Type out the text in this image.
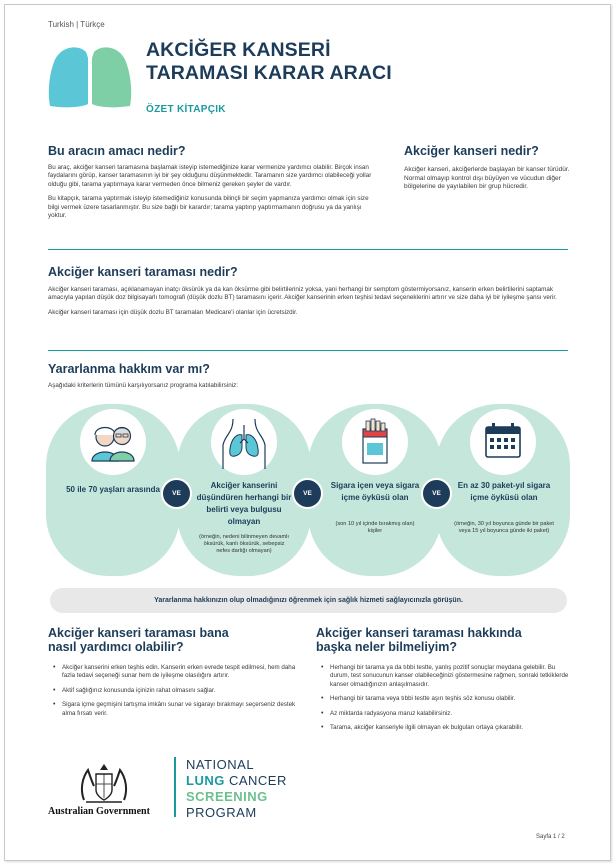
Turkish | Türkçe
AKCİĞER KANSERİ
TARAMASI KARAR ARACI
ÖZET KİTAPÇIK
Bu aracın amacı nedir?

Bu araç, akciğer kanseri taramasına başlamak isteyip istemediğinize karar vermenize yardımcı olabilir. Birçok insan faydalarını görüp, kanser taramasının iyi bir şey olduğunu düşünmektedir. Taramanın size yardımcı olabileceği yollar olduğu gibi, tarama yaptırmaya karar vermeden önce bilmeniz gereken şeyler de vardır.

Bu kitapçık, tarama yaptırmak isteyip istemediğiniz konusunda bilinçli bir seçim yapmanıza yardımcı olmak için size bilgi vermek üzere tasarlanmıştır. Bu size bağlı bir karardır; tarama yaptırıp yaptırmamanın doğrusu ya da yanlışı yoktur.

Akciğer kanseri nedir?
Akciğer kanseri, akciğerlerde başlayan bir kanser türüdür. Normal olmayıp kontrol dışı büyüyen ve vücudun diğer bölgelerine de yayılabilen bir grup hücredir.
Akciğer kanseri taraması nedir?

Akciğer kanseri taraması, açıklanamayan inatçı öksürük ya da kan öksürme gibi belirtileriniz yoksa, yani herhangi bir semptom göstermiyorsanız, kanserin erken belirtilerini saptamak amacıyla yapılan düşük doz bilgisayarlı tomografi (düşük dozlu BT) taramasını içerir. Akciğer kanserinin erken teşhisi tedavi seçeneklerini artırır ve size daha iyi bir iyileşme şansı verir.

Akciğer kanseri taraması için düşük dozlu BT taramaları Medicare'i olanlar için ücretsizdir.

Yararlanma hakkım var mı?
Aşağıdaki kriterlerin tümünü karşılıyorsanız programa katılabilirsiniz:
50 ile 70 yaşları arasında	Akciğer kanserini düşündüren herhangi bir belirti veya bulgusu olmayan
(örneğin, nedeni bilinmeyen devamlı öksürük, kanlı öksürük, sebepsiz nefes darlığı olmayan)
Sigara içen veya sigara içme öyküsü olan
(son 10 yıl içinde bırakmış olan) kişiler
En az 30 paket-yıl sigara içme öyküsü olan
(örneğin, 30 yıl boyunca günde bir paket veya 15 yıl boyunca günde iki paket)
VE	VE	VE
Yararlanma hakkınızın olup olmadığınızı öğrenmek için sağlık hizmeti sağlayıcınızla görüşün.
Akciğer kanseri taraması bana
nasıl yardımcı olabilir?
• Akciğer kanserini erken teşhis edin. Kanserin erken evrede tespit edilmesi, hem daha fazla tedavi seçeneği sunar hem de iyileşme olasılığını artırır.
• Aktif sağlığınız konusunda içinizin rahat olmasını sağlar.
• Sigara içme geçmişini tartışma imkânı sunar ve sigarayı bırakmayı seçerseniz destek alma fırsatı verir.
Akciğer kanseri taraması hakkında
başka neler bilmeliyim?
• Herhangi bir tarama ya da tıbbi testte, yanlış pozitif sonuçlar meydana gelebilir. Bu durum, test sonucunun kanser olabileceğinizi göstermesine rağmen, sonraki tetkiklerde kanser olmadığınızın anlaşılmasıdır.
• Herhangi bir tarama veya tıbbi testte aşırı teşhis söz konusu olabilir.
• Az miktarda radyasyona maruz kalabilirsiniz.
• Tarama, akciğer kanseriyle ilgili olmayan ek bulguları ortaya çıkarabilir.
Australian Government
NATIONAL
LUNG CANCER
SCREENING
PROGRAM
Sayfa 1 / 2
